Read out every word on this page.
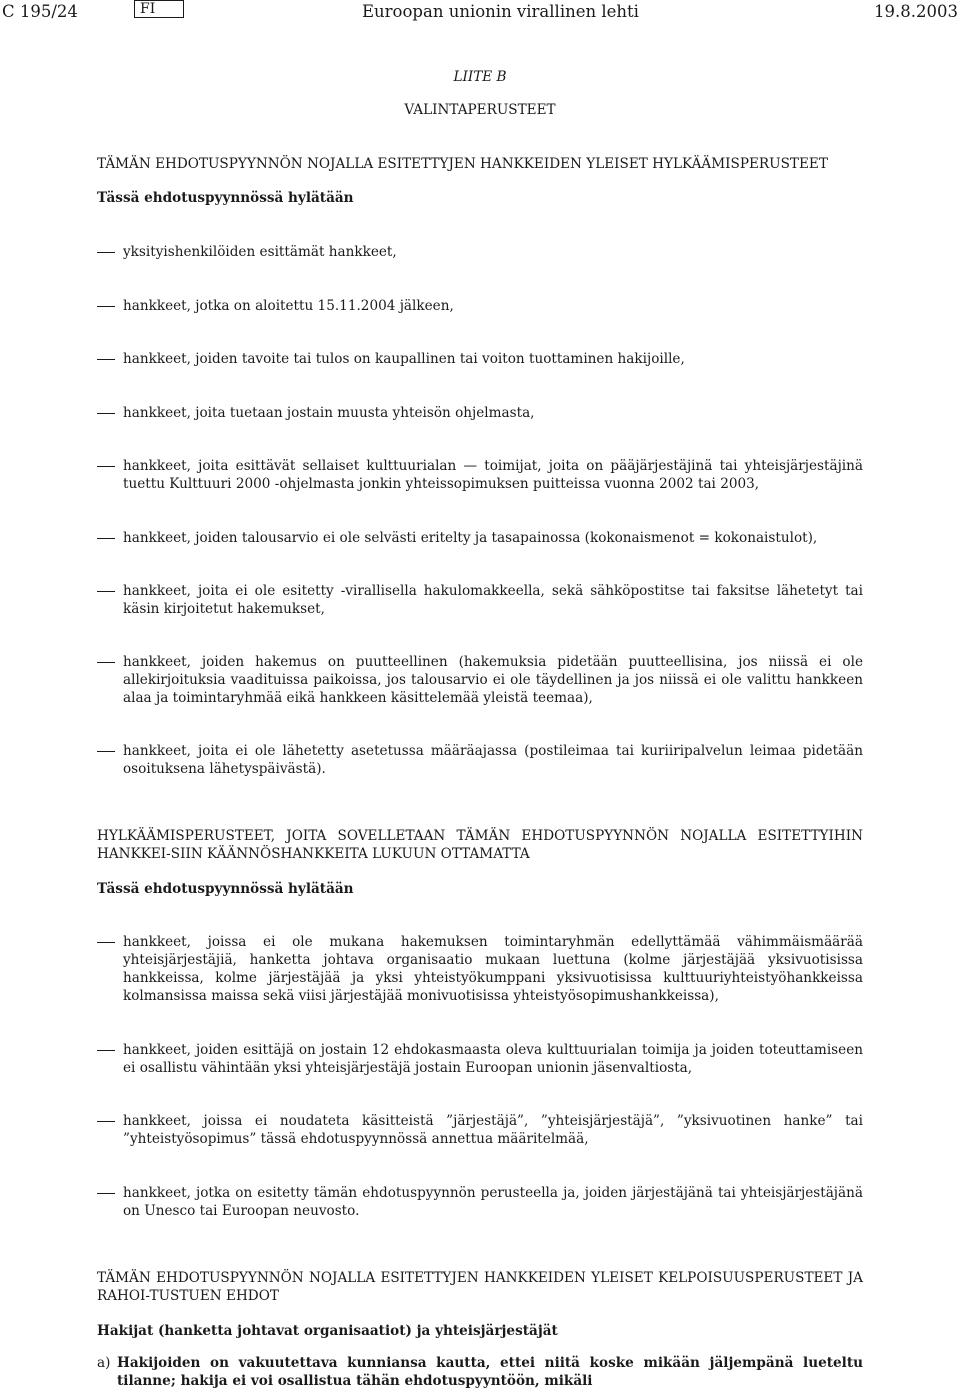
C 195/24	FI	Euroopan unionin virallinen lehti	19.8.2003
LIITE B
VALINTAPERUSTEET
TÄMÄN EHDOTUSPYYNNÖN NOJALLA ESITETTYJEN HANKKEIDEN YLEISET HYLKÄÄMISPERUSTEET
Tässä ehdotuspyynnössä hylätään
yksityishenkilöiden esittämät hankkeet,
hankkeet, jotka on aloitettu 15.11.2004 jälkeen,
hankkeet, joiden tavoite tai tulos on kaupallinen tai voiton tuottaminen hakijoille,
hankkeet, joita tuetaan jostain muusta yhteisön ohjelmasta,
hankkeet, joita esittävät sellaiset kulttuurialan — toimijat, joita on pääjärjestäjinä tai yhteisjärjestäjinä tuettu Kulttuuri 2000 -ohjelmasta jonkin yhteissopimuksen puitteissa vuonna 2002 tai 2003,
hankkeet, joiden talousarvio ei ole selvästi eritelty ja tasapainossa (kokonaismenot = kokonaistulot),
hankkeet, joita ei ole esitetty -virallisella hakulomakkeella, sekä sähköpostitse tai faksitse lähetetyt tai käsin kirjoitetut hakemukset,
hankkeet, joiden hakemus on puutteellinen (hakemuksia pidetään puutteellisina, jos niissä ei ole allekirjoituksia vaadituissa paikoissa, jos talousarvio ei ole täydellinen ja jos niissä ei ole valittu hankkeen alaa ja toimintaryhmää eikä hankkeen käsittelemää yleistä teemaa),
hankkeet, joita ei ole lähetetty asetetussa määräajassa (postileimaa tai kuriiripalvelun leimaa pidetään osoituksena lähetyspäivästä).
HYLKÄÄMISPERUSTEET, JOITA SOVELLETAAN TÄMÄN EHDOTUSPYYNNÖN NOJALLA ESITETTYIHIN HANKKEI-SIIN KÄÄNNÖSHANKKEITA LUKUUN OTTAMATTA
Tässä ehdotuspyynnössä hylätään
hankkeet, joissa ei ole mukana hakemuksen toimintaryhmän edellyttämää vähimmäismäärää yhteisjärjestäjiä, hanketta johtava organisaatio mukaan luettuna (kolme järjestäjää yksivuotisissa hankkeissa, kolme järjestäjää ja yksi yhteistyökumppani yksivuotisissa kulttuuriyhteistyöhankkeissa kolmansissa maissa sekä viisi järjestäjää monivuotisissa yhteistyösopimushankkeissa),
hankkeet, joiden esittäjä on jostain 12 ehdokasmaasta oleva kulttuurialan toimija ja joiden toteuttamiseen ei osallistu vähintään yksi yhteisjärjestäjä jostain Euroopan unionin jäsenvaltiosta,
hankkeet, joissa ei noudateta käsitteistä ”järjestäjä”, ”yhteisjärjestäjä”, ”yksivuotinen hanke” tai ”yhteistyösopimus” tässä ehdotuspyynnössä annettua määritelmää,
hankkeet, jotka on esitetty tämän ehdotuspyynnön perusteella ja, joiden järjestäjänä tai yhteisjärjestäjänä on Unesco tai Euroopan neuvosto.
TÄMÄN EHDOTUSPYYNNÖN NOJALLA ESITETTYJEN HANKKEIDEN YLEISET KELPOISUUSPERUSTEET JA RAHOI-TUSTUEN EHDOT
Hakijat (hanketta johtavat organisaatiot) ja yhteisjärjestäjät
a) Hakijoiden on vakuutettava kunniansa kautta, ettei niitä koske mikään jäljempänä lueteltu tilanne; hakija ei voi osallistua tähän ehdotuspyyntöön, mikäli
